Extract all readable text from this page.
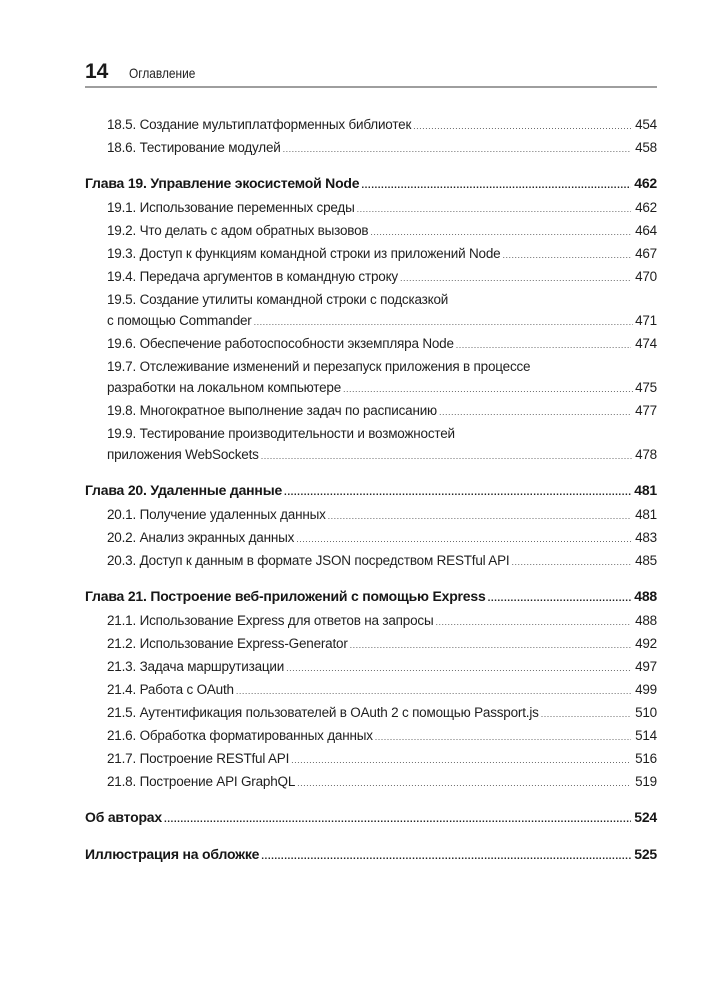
14 Оглавление
18.5. Создание мультиплатформенных библиотек .....	454
18.6. Тестирование модулей .....	458
Глава 19. Управление экосистемой Node .....	462
19.1. Использование переменных среды .....	462
19.2. Что делать с адом обратных вызовов .....	464
19.3. Доступ к функциям командной строки из приложений Node .....	467
19.4. Передача аргументов в командную строку .....	470
19.5. Создание утилиты командной строки с подсказкой
с помощью Commander .....	471
19.6. Обеспечение работоспособности экземпляра Node .....	474
19.7. Отслеживание изменений и перезапуск приложения в процессе
разработки на локальном компьютере .....	475
19.8. Многократное выполнение задач по расписанию .....	477
19.9. Тестирование производительности и возможностей
приложения WebSockets .....	478
Глава 20. Удаленные данные .....	481
20.1. Получение удаленных данных .....	481
20.2. Анализ экранных данных .....	483
20.3. Доступ к данным в формате JSON посредством RESTful API .....	485
Глава 21. Построение веб-приложений с помощью Express .....	488
21.1. Использование Express для ответов на запросы .....	488
21.2. Использование Express-Generator .....	492
21.3. Задача маршрутизации .....	497
21.4. Работа с OAuth .....	499
21.5. Аутентификация пользователей в OAuth 2 с помощью Passport.js .....	510
21.6. Обработка форматированных данных .....	514
21.7. Построение RESTful API .....	516
21.8. Построение API GraphQL .....	519
Об авторах .....	524
Иллюстрация на обложке .....	525
